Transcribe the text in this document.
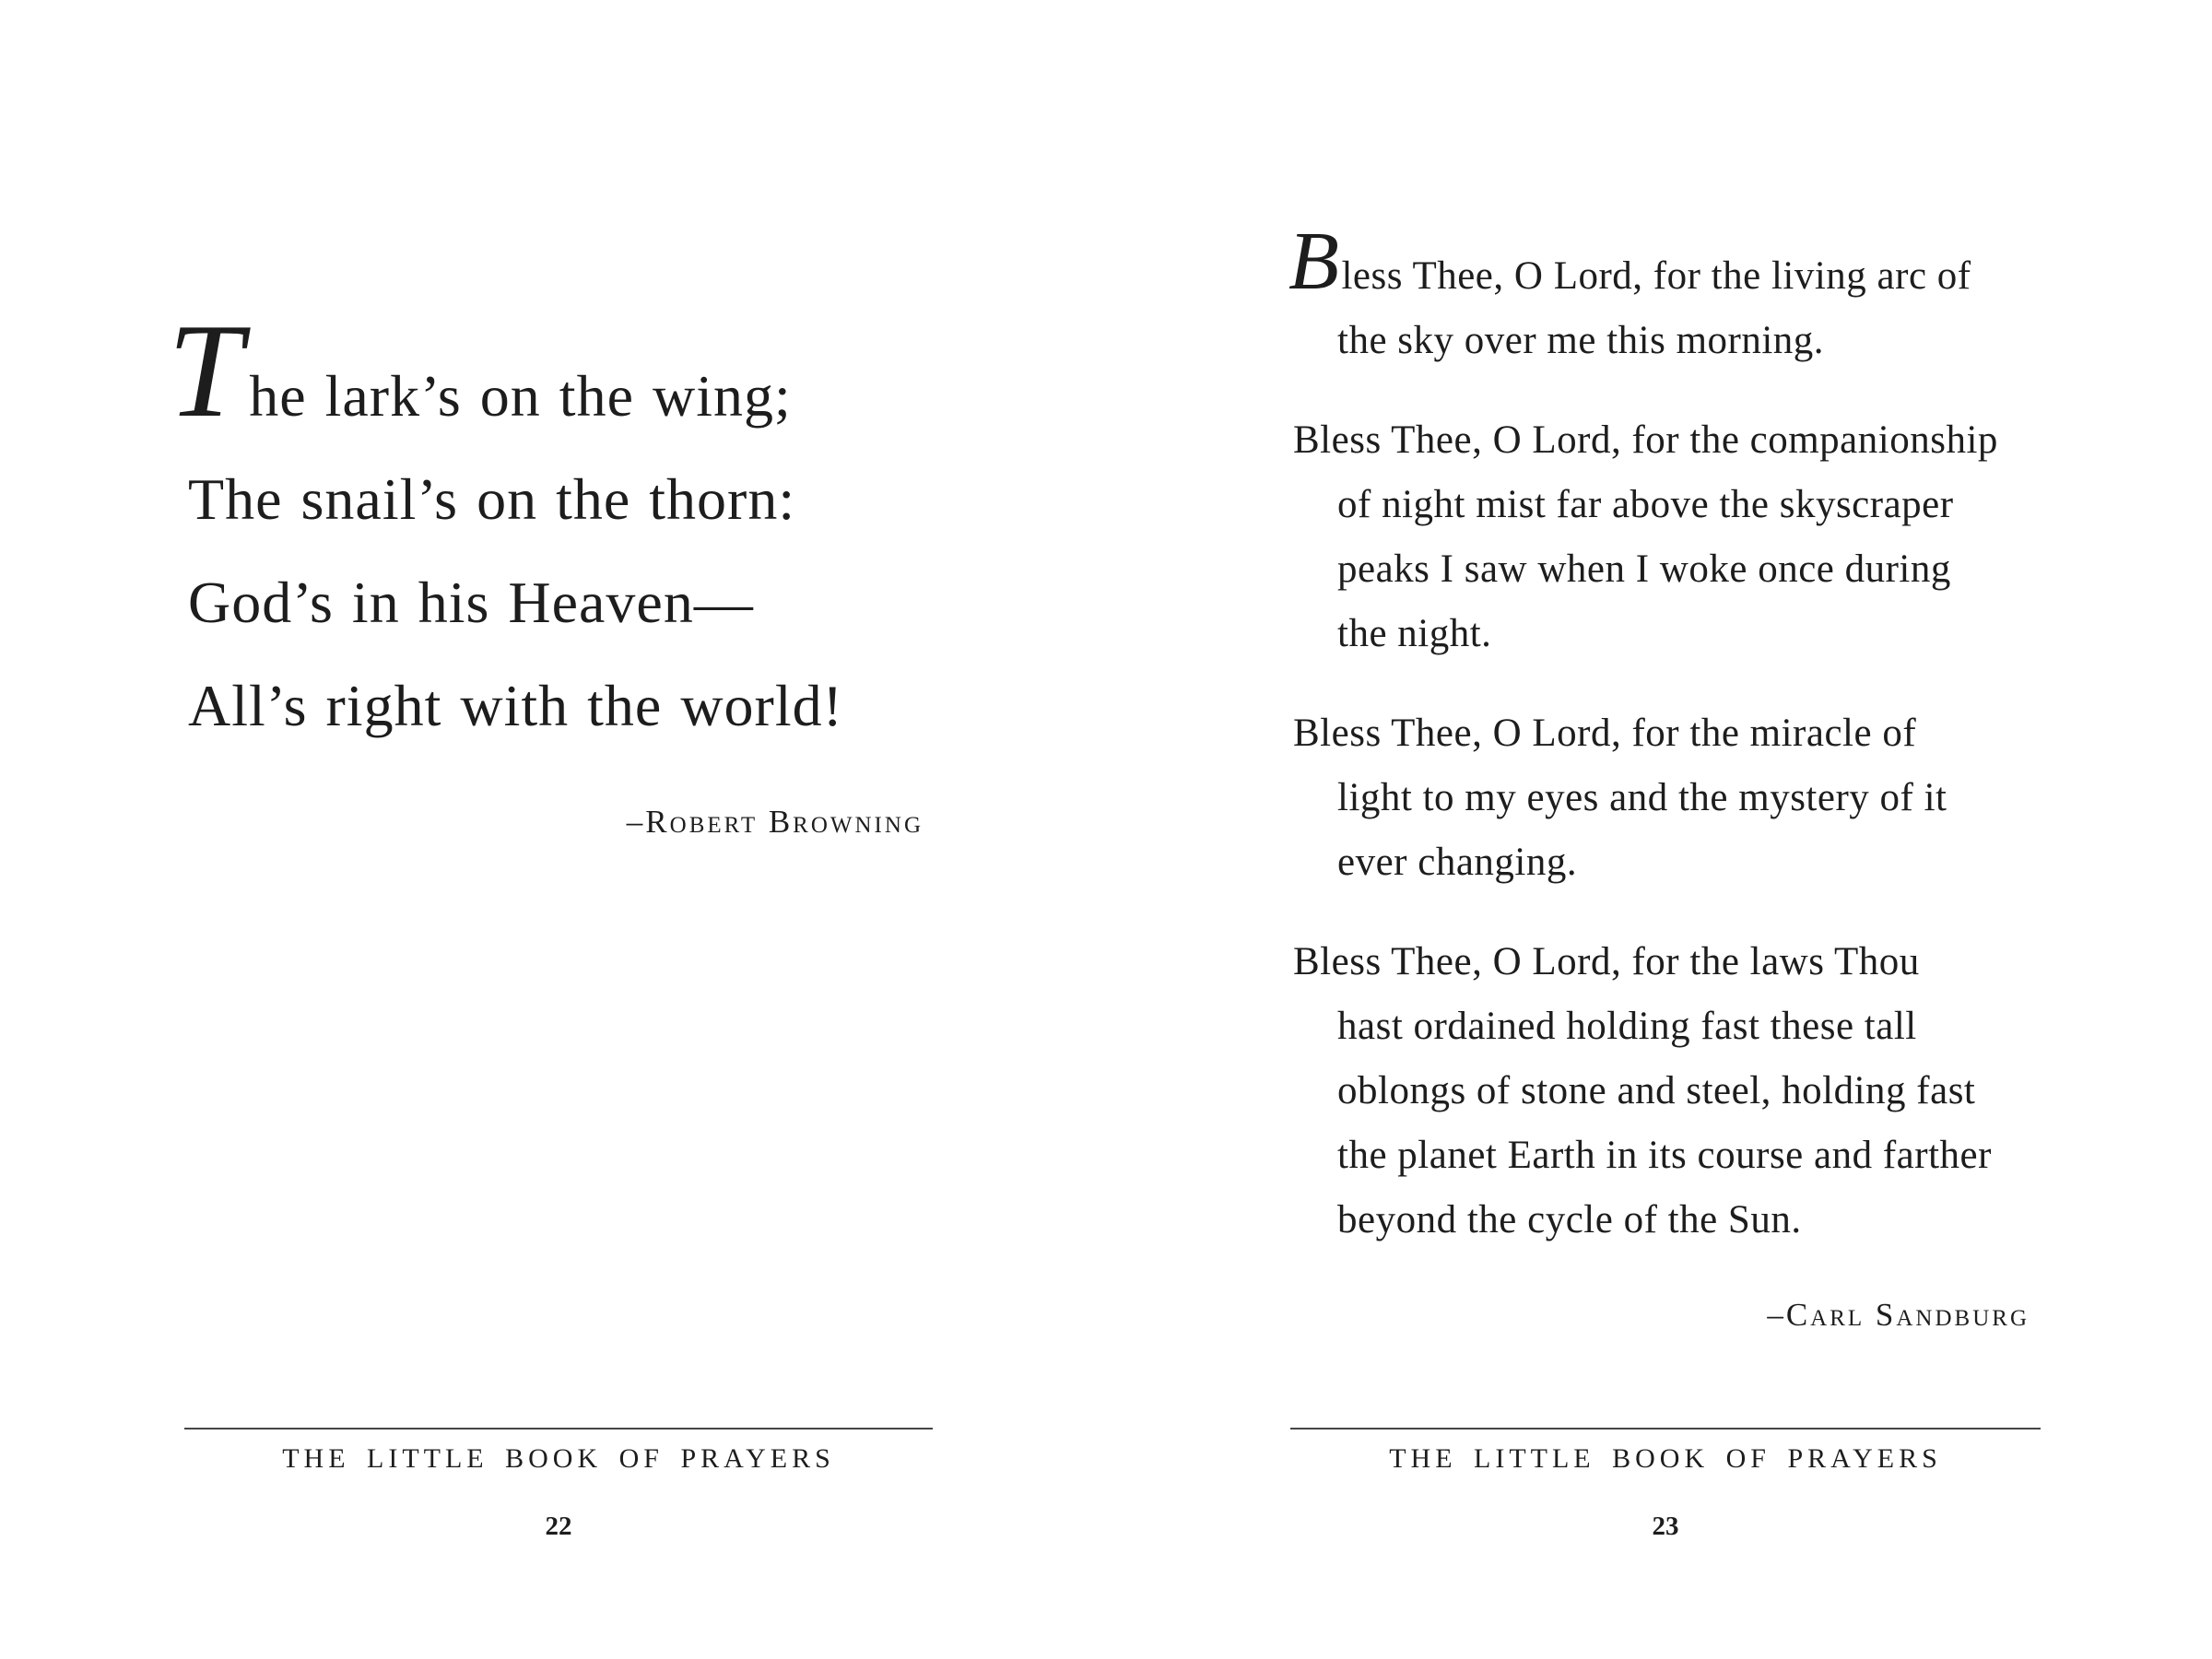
The lark’s on the wing;
The snail’s on the thorn:
God’s in his Heaven—
All’s right with the world!
–Robert Browning
THE LITTLE BOOK OF PRAYERS
22
Bless Thee, O Lord, for the living arc of
the sky over me this morning.
Bless Thee, O Lord, for the companionship
of night mist far above the skyscraper
peaks I saw when I woke once during
the night.
Bless Thee, O Lord, for the miracle of
light to my eyes and the mystery of it
ever changing.
Bless Thee, O Lord, for the laws Thou
hast ordained holding fast these tall
oblongs of stone and steel, holding fast
the planet Earth in its course and farther
beyond the cycle of the Sun.
–Carl Sandburg
THE LITTLE BOOK OF PRAYERS
23
